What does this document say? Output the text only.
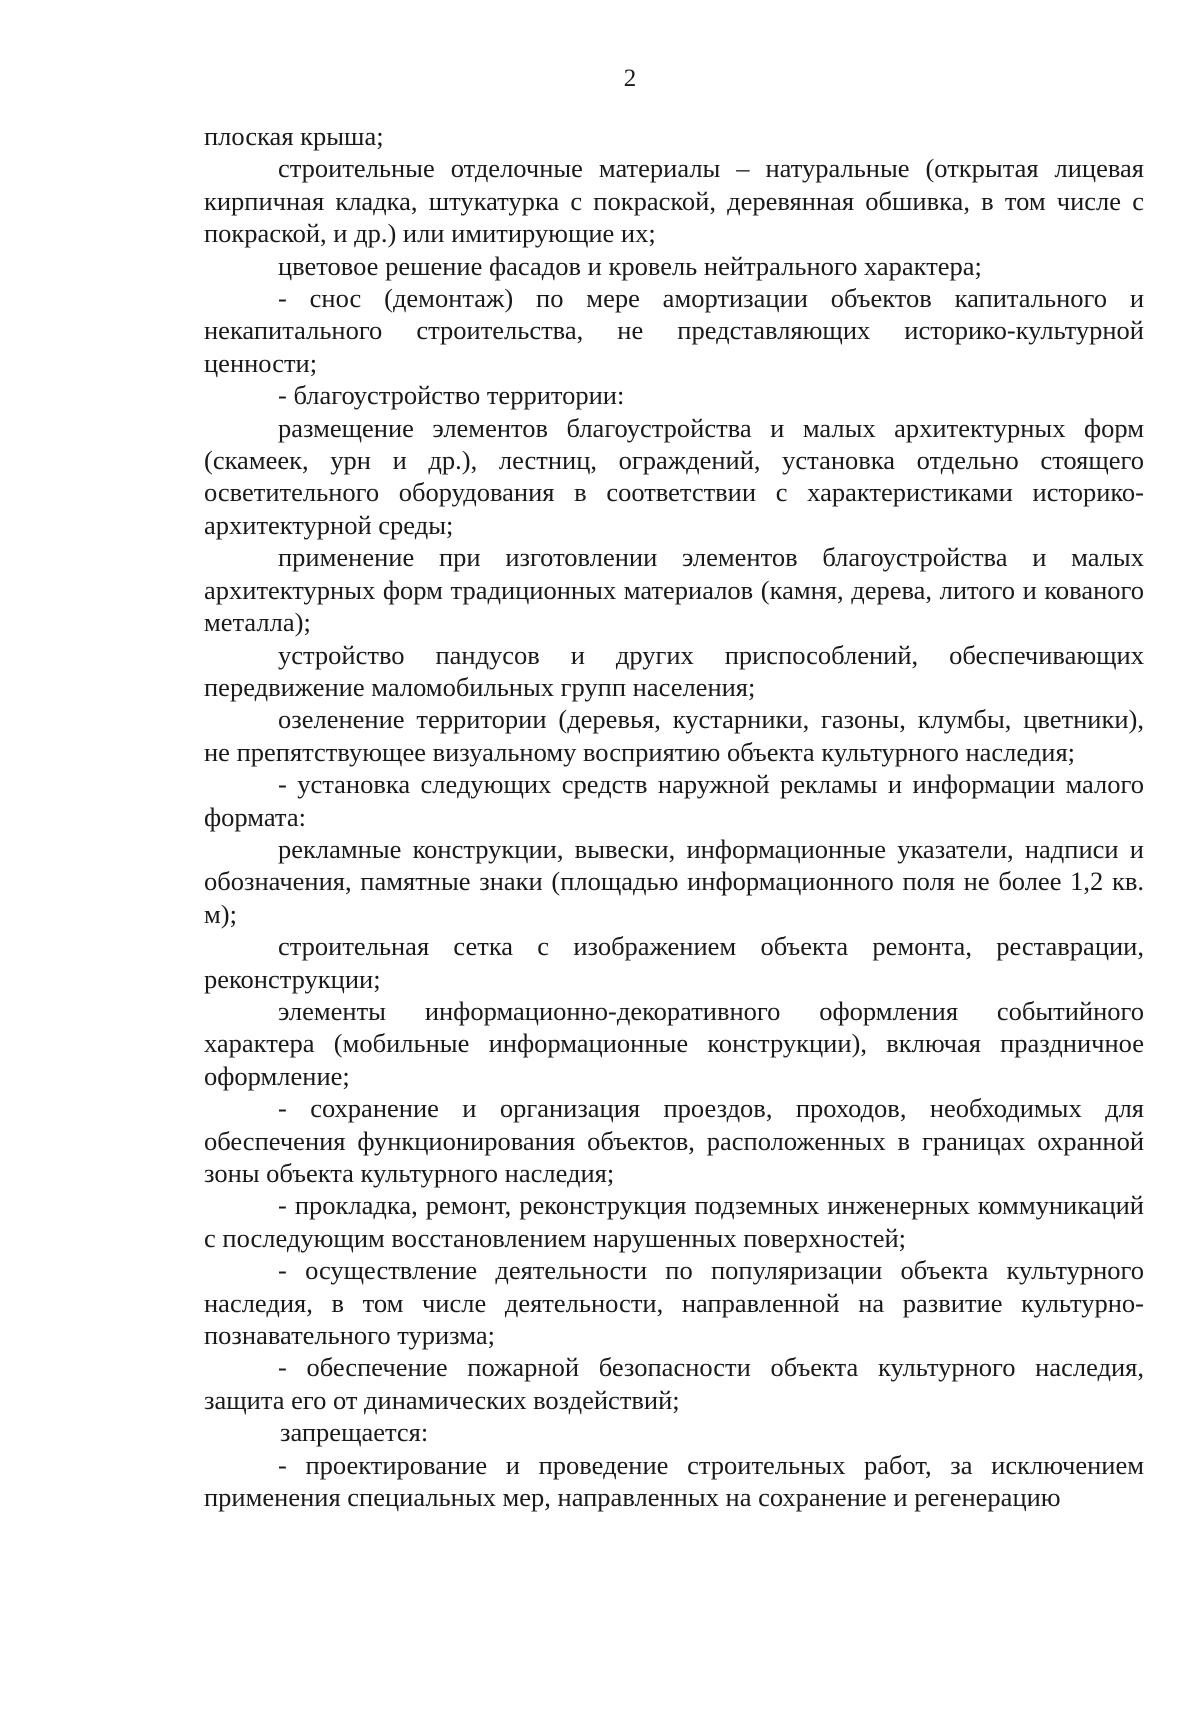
2

плоская крыша;

строительные отделочные материалы – натуральные (открытая лицевая кирпичная кладка, штукатурка с покраской, деревянная обшивка, в том числе с покраской, и др.) или имитирующие их;

цветовое решение фасадов и кровель нейтрального характера;

- снос (демонтаж) по мере амортизации объектов капитального и некапитального строительства, не представляющих историко-культурной ценности;

- благоустройство территории:

размещение элементов благоустройства и малых архитектурных форм (скамеек, урн и др.), лестниц, ограждений, установка отдельно стоящего осветительного оборудования в соответствии с характеристиками историко-архитектурной среды;

применение при изготовлении элементов благоустройства и малых архитектурных форм традиционных материалов (камня, дерева, литого и кованого металла);

устройство пандусов и других приспособлений, обеспечивающих передвижение маломобильных групп населения;

озеленение территории (деревья, кустарники, газоны, клумбы, цветники), не препятствующее визуальному восприятию объекта культурного наследия;

- установка следующих средств наружной рекламы и информации малого формата:

рекламные конструкции, вывески, информационные указатели, надписи и обозначения, памятные знаки (площадью информационного поля не более 1,2 кв. м);

строительная сетка с изображением объекта ремонта, реставрации, реконструкции;

элементы информационно-декоративного оформления событийного характера (мобильные информационные конструкции), включая праздничное оформление;

- сохранение и организация проездов, проходов, необходимых для обеспечения функционирования объектов, расположенных в границах охранной зоны объекта культурного наследия;

- прокладка, ремонт, реконструкция подземных инженерных коммуникаций с последующим восстановлением нарушенных поверхностей;

- осуществление деятельности по популяризации объекта культурного наследия, в том числе деятельности, направленной на развитие культурно-познавательного туризма;

- обеспечение пожарной безопасности объекта культурного наследия, защита его от динамических воздействий;

запрещается:

- проектирование и проведение строительных работ, за исключением применения специальных мер, направленных на сохранение и регенерацию
